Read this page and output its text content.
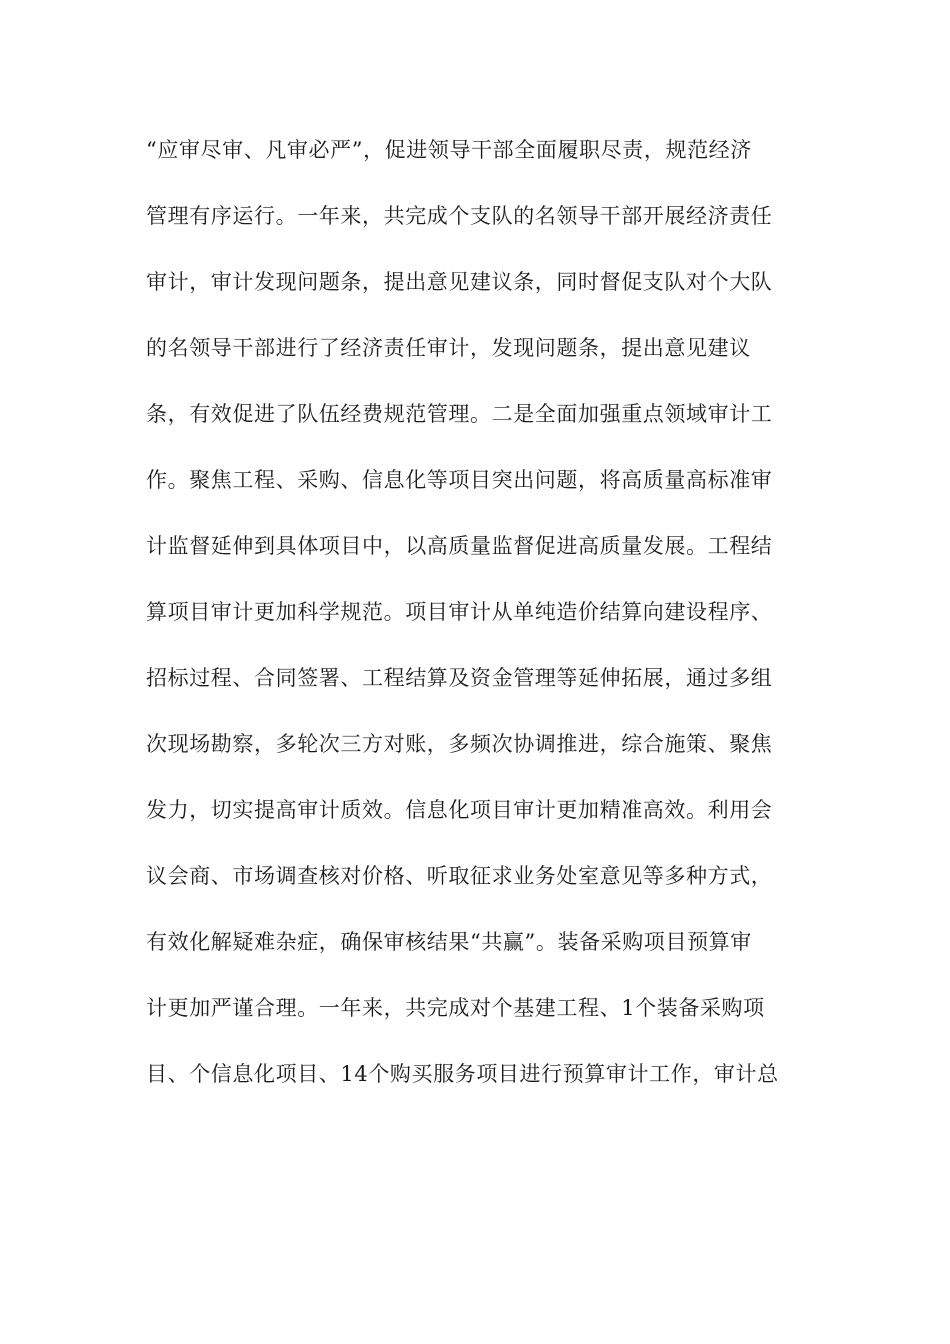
“应审尽审、凡审必严”，促进领导干部全面履职尽责，规范经济
管理有序运行。一年来，共完成个支队的名领导干部开展经济责任
审计，审计发现问题条，提出意见建议条，同时督促支队对个大队
的名领导干部进行了经济责任审计，发现问题条，提出意见建议
条，有效促进了队伍经费规范管理。二是全面加强重点领域审计工
作。聚焦工程、采购、信息化等项目突出问题，将高质量高标准审
计监督延伸到具体项目中，以高质量监督促进高质量发展。工程结
算项目审计更加科学规范。项目审计从单纯造价结算向建设程序、
招标过程、合同签署、工程结算及资金管理等延伸拓展，通过多组
次现场勘察，多轮次三方对账，多频次协调推进，综合施策、聚焦
发力，切实提高审计质效。信息化项目审计更加精准高效。利用会
议会商、市场调查核对价格、听取征求业务处室意见等多种方式，
有效化解疑难杂症，确保审核结果“共赢”。装备采购项目预算审
计更加严谨合理。一年来，共完成对个基建工程、1个装备采购项
目、个信息化项目、14个购买服务项目进行预算审计工作，审计总
